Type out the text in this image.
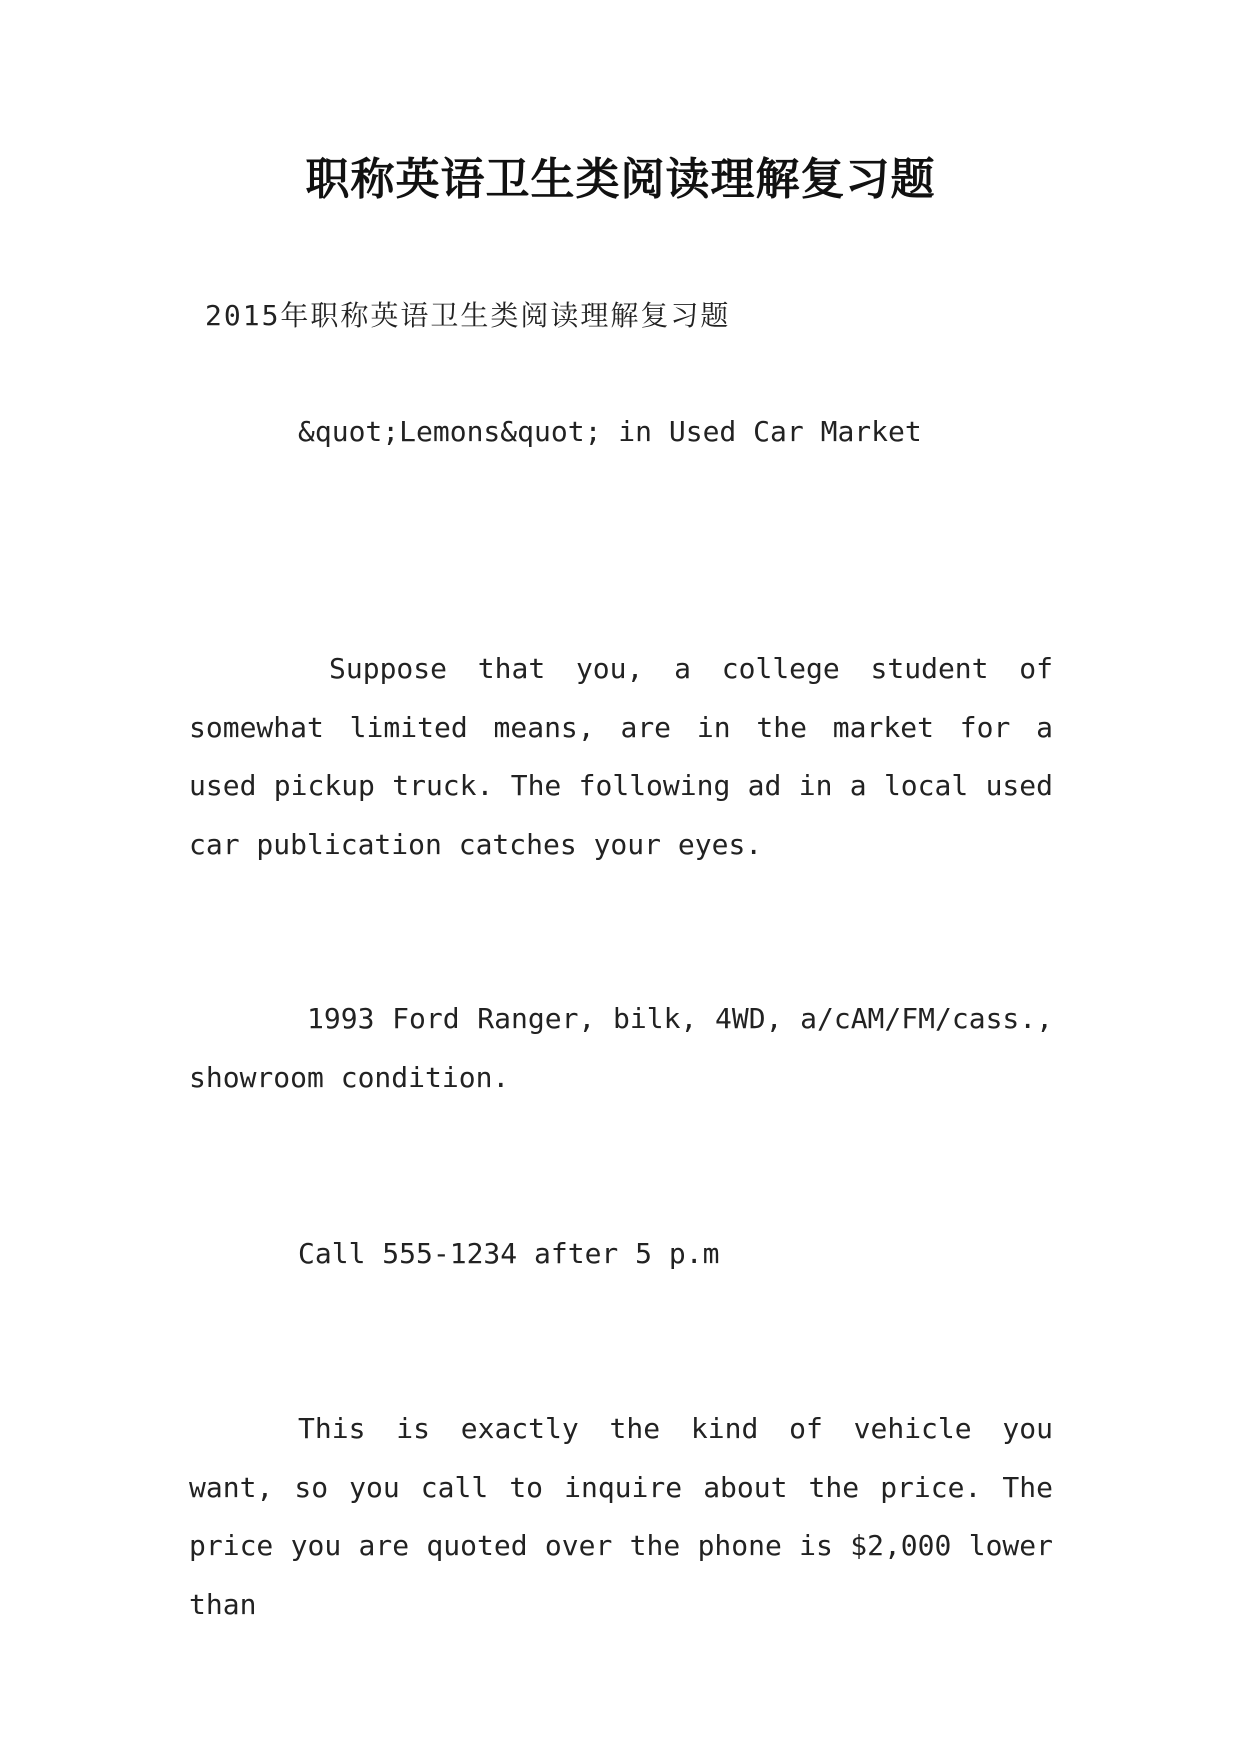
职称英语卫生类阅读理解复习题
2015年职称英语卫生类阅读理解复习题
&quot;Lemons&quot; in Used Car Market

Suppose that you, a college student of somewhat limited means, are in the market for a used pickup truck. The following ad in a local used car publication catches your eyes.

1993 Ford Ranger, bilk, 4WD, a/cAM/FM/cass., showroom condition.

Call 555-1234 after 5 p.m

This is exactly the kind of vehicle you want, so you call to inquire about the price. The price you are quoted over the phone is $2,000 lower than
